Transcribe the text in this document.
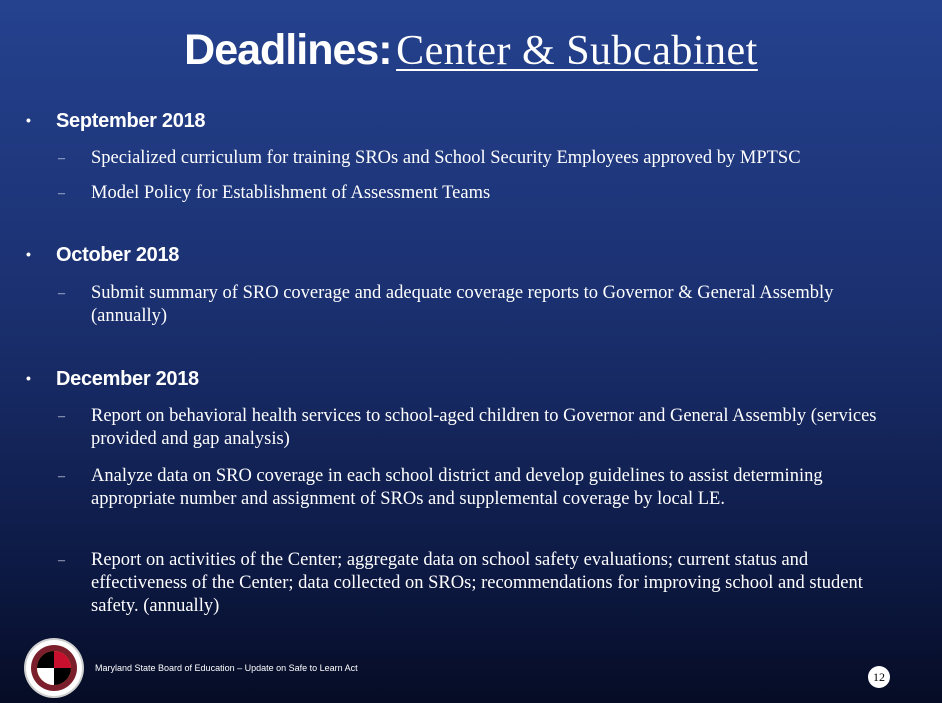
Deadlines: Center & Subcabinet
• September 2018
–	Specialized curriculum for training SROs and School Security Employees approved by MPTSC
–	Model Policy for Establishment of Assessment Teams
• October 2018
–	Submit summary of SRO coverage and adequate coverage reports to Governor & General Assembly (annually)
• December 2018
–	Report on behavioral health services to school-aged children to Governor and General Assembly (services provided and gap analysis)
–	Analyze data on SRO coverage in each school district and develop guidelines to assist determining appropriate number and assignment of SROs and supplemental coverage by local LE.
–	Report on activities of the Center; aggregate data on school safety evaluations; current status and effectiveness of the Center; data collected on SROs; recommendations for improving school and student safety. (annually)
Maryland State Board of Education – Update on Safe to Learn Act
12
